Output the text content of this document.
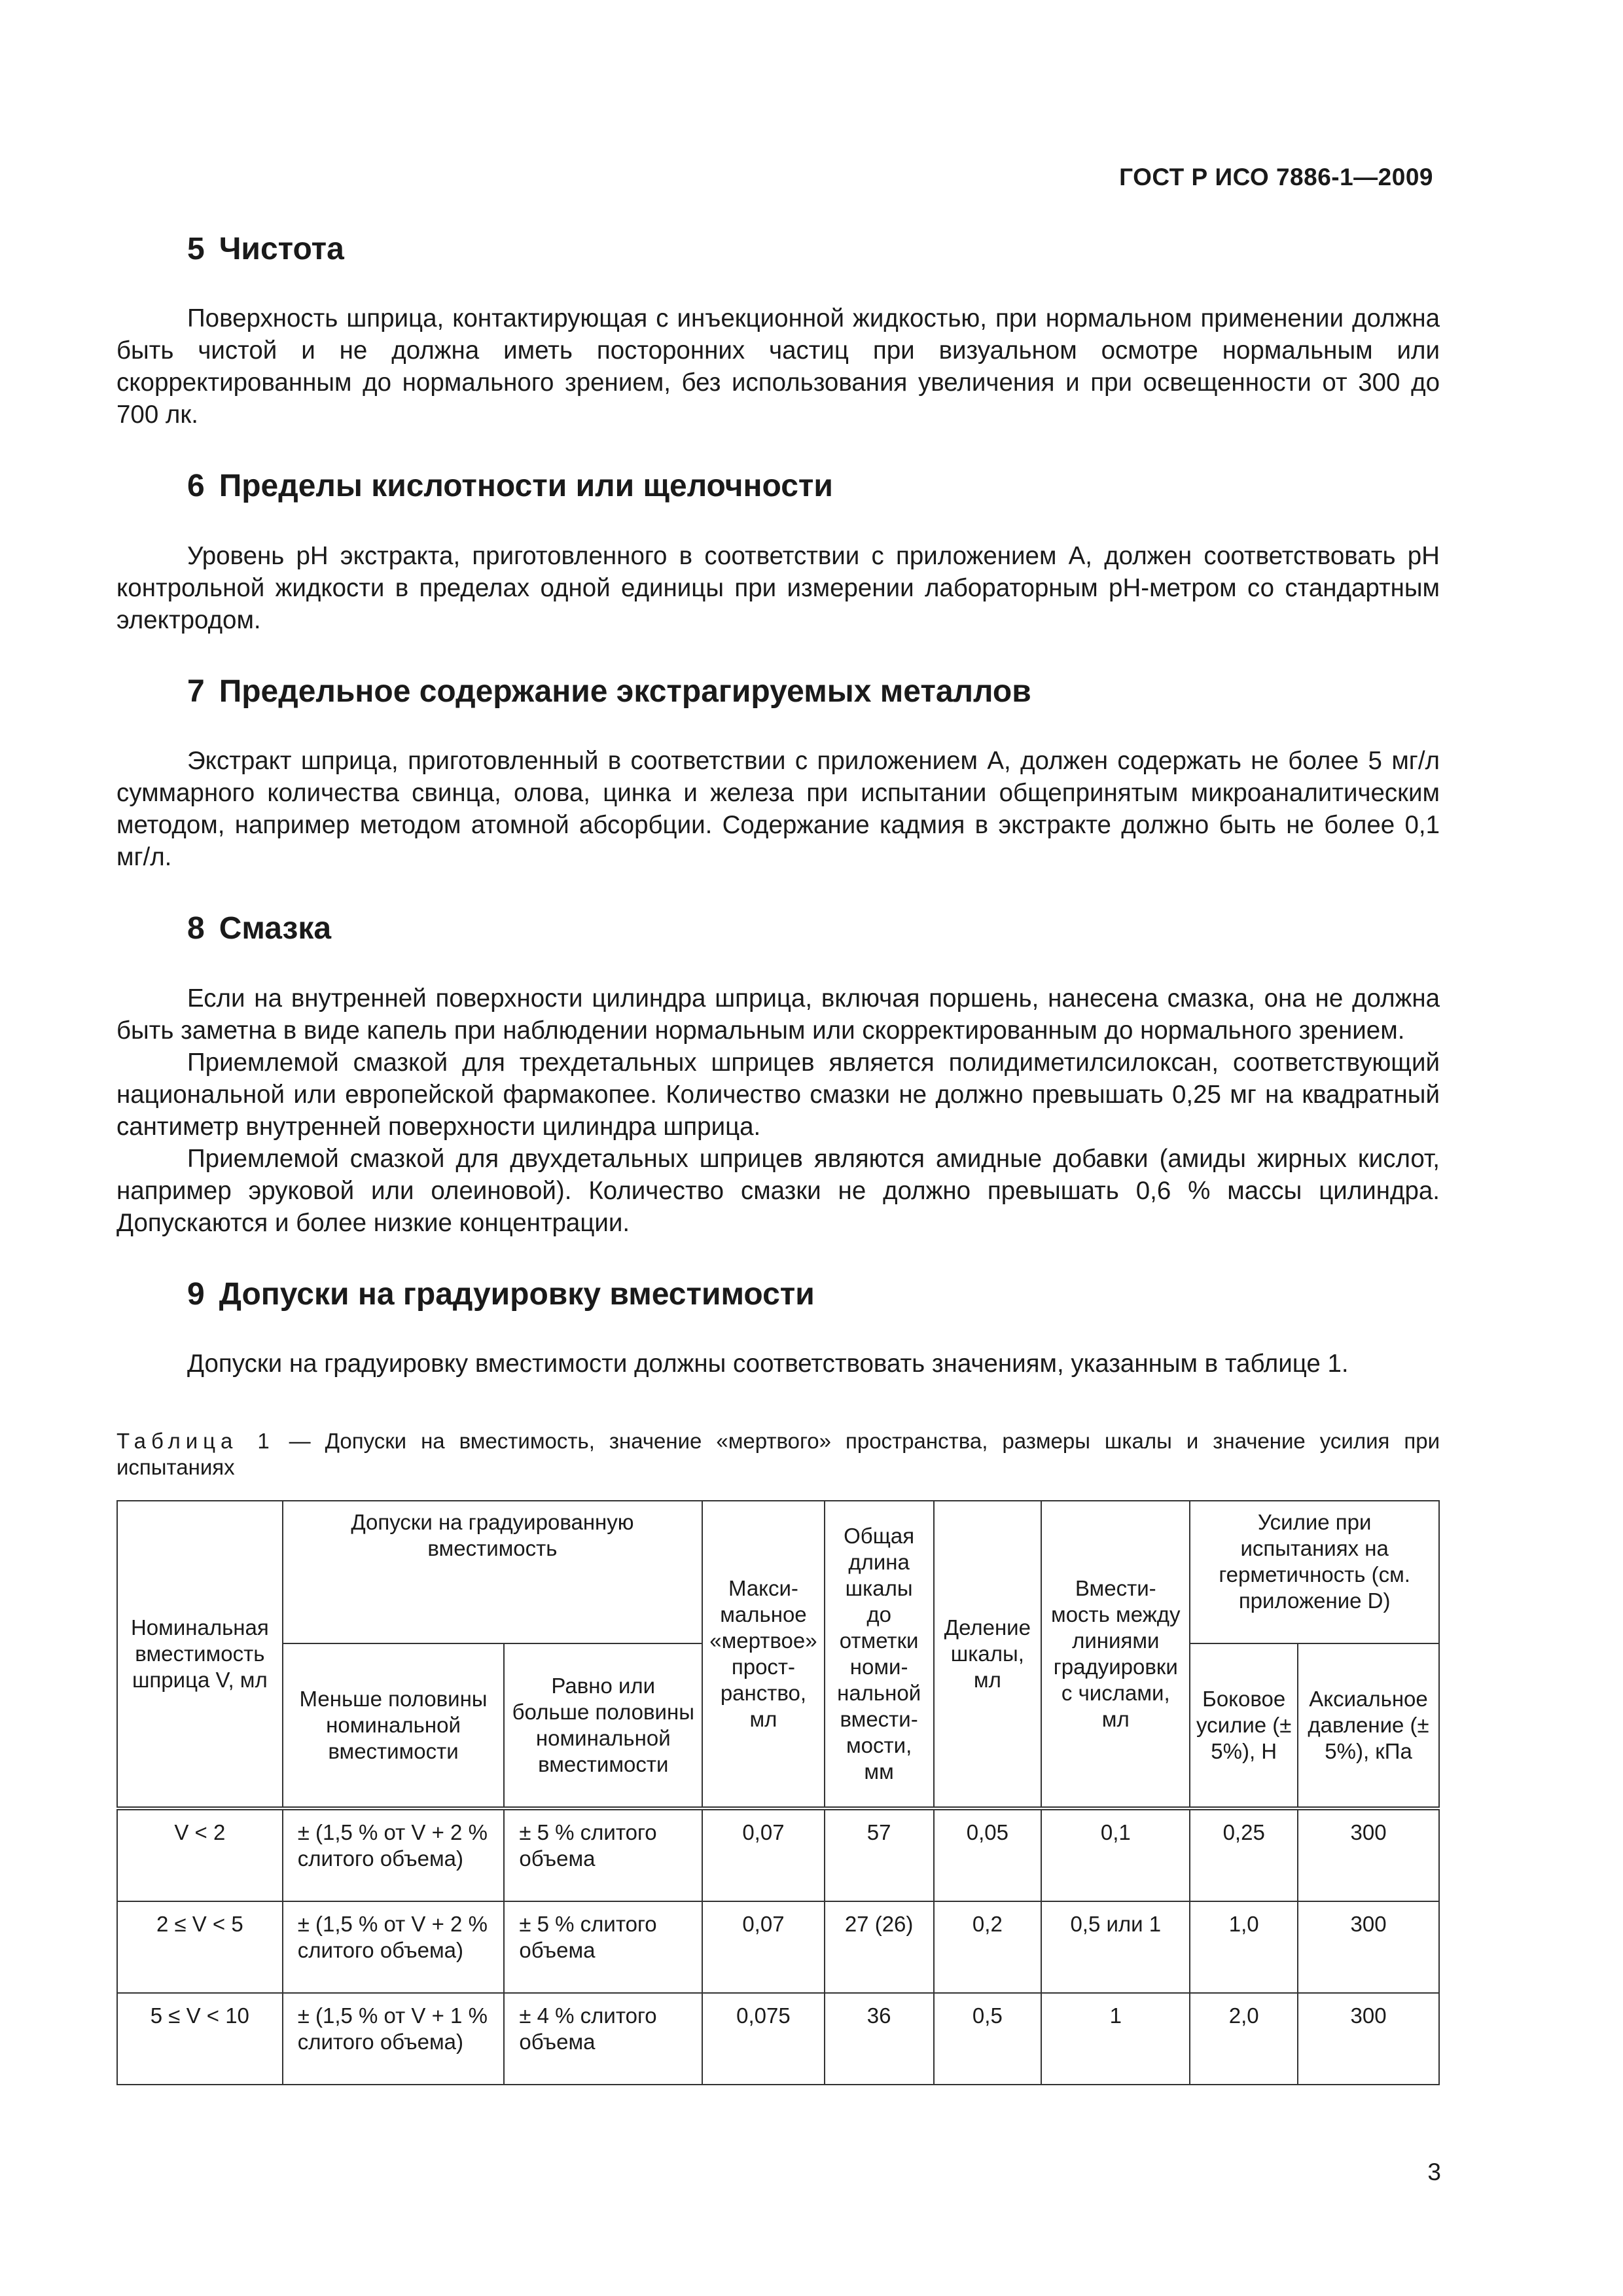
ГОСТ Р ИСО 7886-1—2009
5 Чистота

Поверхность шприца, контактирующая с инъекционной жидкостью, при нормальном применении должна быть чистой и не должна иметь посторонних частиц при визуальном осмотре нормальным или скорректированным до нормального зрением, без использования увеличения и при освещенности от 300 до 700 лк.

6 Пределы кислотности или щелочности

Уровень pH экстракта, приготовленного в соответствии с приложением А, должен соответствовать pH контрольной жидкости в пределах одной единицы при измерении лабораторным pH-метром со стандартным электродом.

7 Предельное содержание экстрагируемых металлов

Экстракт шприца, приготовленный в соответствии с приложением А, должен содержать не более 5 мг/л суммарного количества свинца, олова, цинка и железа при испытании общепринятым микроаналитическим методом, например методом атомной абсорбции. Содержание кадмия в экстракте должно быть не более 0,1 мг/л.

8 Смазка

Если на внутренней поверхности цилиндра шприца, включая поршень, нанесена смазка, она не должна быть заметна в виде капель при наблюдении нормальным или скорректированным до нормального зрением.

Приемлемой смазкой для трехдетальных шприцев является полидиметилсилоксан, соответствующий национальной или европейской фармакопее. Количество смазки не должно превышать 0,25 мг на квадратный сантиметр внутренней поверхности цилиндра шприца.

Приемлемой смазкой для двухдетальных шприцев являются амидные добавки (амиды жирных кислот, например эруковой или олеиновой). Количество смазки не должно превышать 0,6 % массы цилиндра. Допускаются и более низкие концентрации.

9 Допуски на градуировку вместимости

Допуски на градуировку вместимости должны соответствовать значениям, указанным в таблице 1.

Таблица 1 — Допуски на вместимость, значение «мертвого» пространства, размеры шкалы и значение усилия при испытаниях
Номинальная вместимость шприца V, мл	Допуски на градуированную вместимость		Макси-мальное «мертвое» прост-ранство, мл	Общая длина шкалы до отметки номи-нальной вмести-мости, мм	Деление шкалы, мл	Вмести-мость между линиями градуировки с числами, мл	Усилие при испытаниях на герметичность (см. приложение D)	
	Меньше половины номинальной вместимости	Равно или больше половины номинальной вместимости					Боковое усилие (± 5%), Н	Аксиальное давление (± 5%), кПа
V < 2	± (1,5 % от V + 2 % слитого объема)	± 5 % слитого объема	0,07	57	0,05	0,1	0,25	300
2 ≤ V < 5	± (1,5 % от V + 2 % слитого объема)	± 5 % слитого объема	0,07	27 (26)	0,2	0,5 или 1	1,0	300
5 ≤ V < 10	± (1,5 % от V + 1 % слитого объема)	± 4 % слитого объема	0,075	36	0,5	1	2,0	300
3
